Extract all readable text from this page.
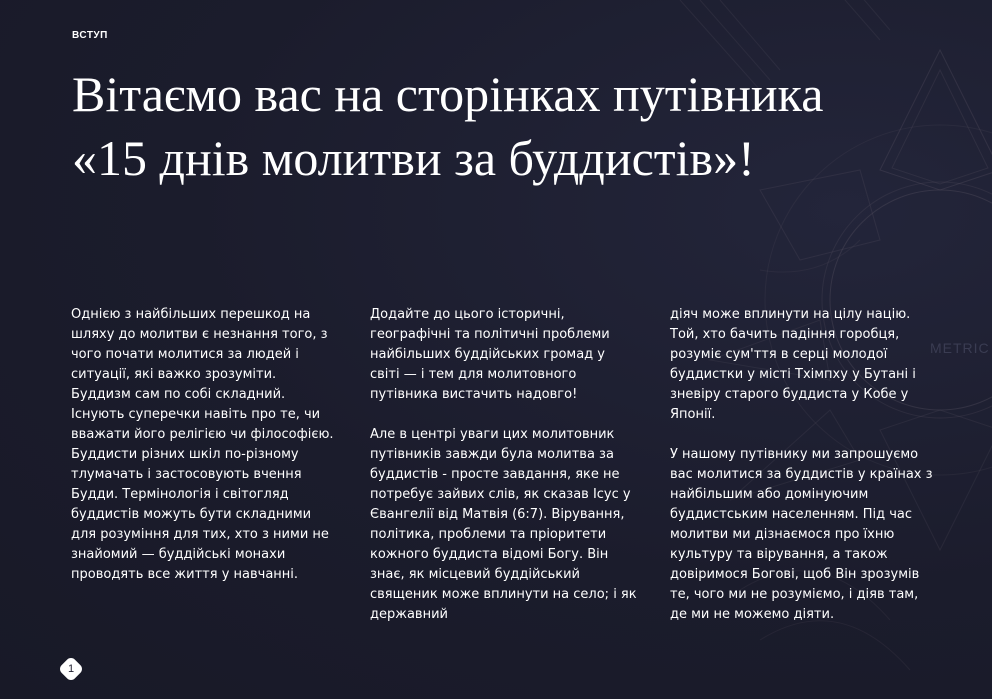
ВСТУП
Вітаємо вас на сторінках путівника «15 днів молитви за буддистів»!

Однією з найбільших перешкод на шляху до молитви є незнання того, з чого почати молитися за людей і ситуації, які важко зрозуміти. Буддизм сам по собі складний. Існують суперечки навіть про те, чи вважати його релігією чи філософією. Буддисти різних шкіл по-різному тлумачать і застосовують вчення Будди. Термінологія і світогляд буддистів можуть бути складними для розуміння для тих, хто з ними не знайомий — буддійські монахи проводять все життя у навчанні.

Додайте до цього історичні, географічні та політичні проблеми найбільших буддійських громад у світі — і тем для молитовного путівника вистачить надовго!

Але в центрі уваги цих молитовник путівників завжди була молитва за буддистів - просте завдання, яке не потребує зайвих слів, як сказав Ісус у Євангелії від Матвія (6:7). Вірування, політика, проблеми та пріоритети кожного буддиста відомі Богу. Він знає, як місцевий буддійський священик може вплинути на село; і як державний

діяч може вплинути на цілу націю. Той, хто бачить падіння горобця, розуміє сум'ття в серці молодої буддистки у місті Тхімпху у Бутані і зневіру старого буддиста у Кобе у Японії.

У нашому путівнику ми запрошуємо вас молитися за буддистів у країнах з найбільшим або домінуючим буддистським населенням. Під час молитви ми дізнаємося про їхню культуру та вірування, а також довіримося Богові, щоб Він зрозумів те, чого ми не розуміємо, і діяв там, де ми не можемо діяти.

METRIC
1
